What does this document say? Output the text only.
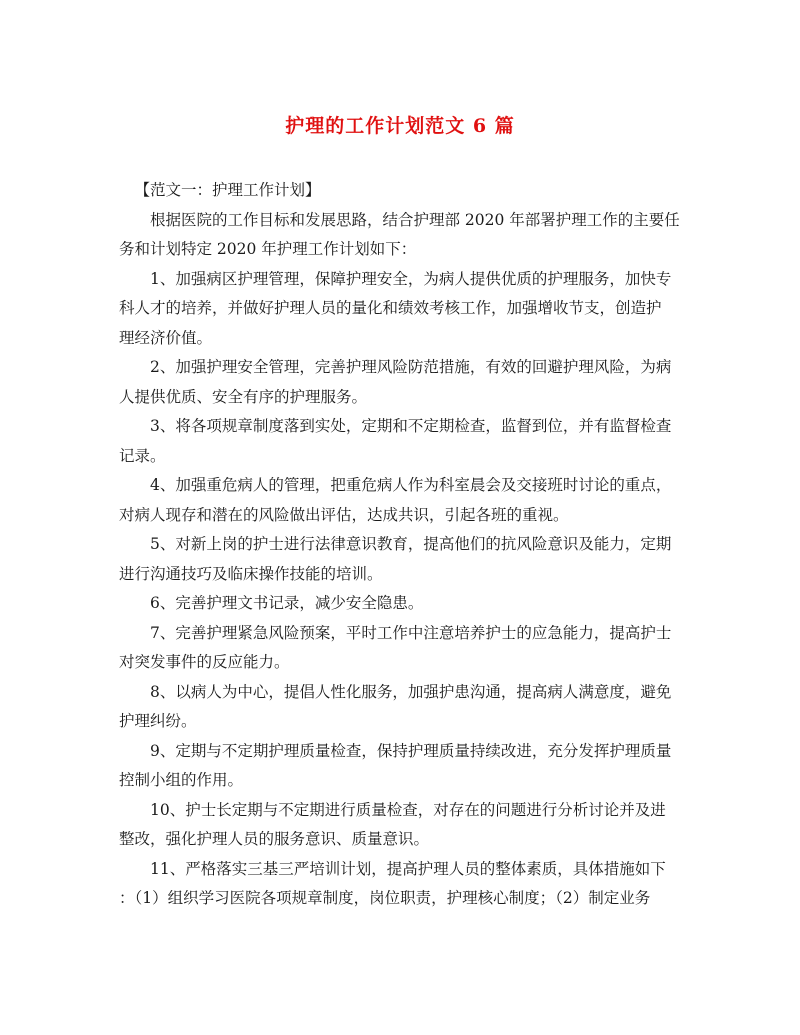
护理的工作计划范文 6 篇

【范文一：护理工作计划】

根据医院的工作目标和发展思路，结合护理部 2020 年部署护理工作的主要任
务和计划特定 2020 年护理工作计划如下：

1、加强病区护理管理，保障护理安全，为病人提供优质的护理服务，加快专
科人才的培养，并做好护理人员的量化和绩效考核工作，加强增收节支，创造护
理经济价值。

2、加强护理安全管理，完善护理风险防范措施，有效的回避护理风险，为病
人提供优质、安全有序的护理服务。

3、将各项规章制度落到实处，定期和不定期检查，监督到位，并有监督检查
记录。

4、加强重危病人的管理，把重危病人作为科室晨会及交接班时讨论的重点，
对病人现存和潜在的风险做出评估，达成共识，引起各班的重视。

5、对新上岗的护士进行法律意识教育，提高他们的抗风险意识及能力，定期
进行沟通技巧及临床操作技能的培训。

6、完善护理文书记录，减少安全隐患。

7、完善护理紧急风险预案，平时工作中注意培养护士的应急能力，提高护士
对突发事件的反应能力。

8、以病人为中心，提倡人性化服务，加强护患沟通，提高病人满意度，避免
护理纠纷。

9、定期与不定期护理质量检查，保持护理质量持续改进，充分发挥护理质量
控制小组的作用。

10、护士长定期与不定期进行质量检查，对存在的问题进行分析讨论并及进
整改，强化护理人员的服务意识、质量意识。

11、严格落实三基三严培训计划，提高护理人员的整体素质，具体措施如下
：（1）组织学习医院各项规章制度，岗位职责，护理核心制度；（2）制定业务
